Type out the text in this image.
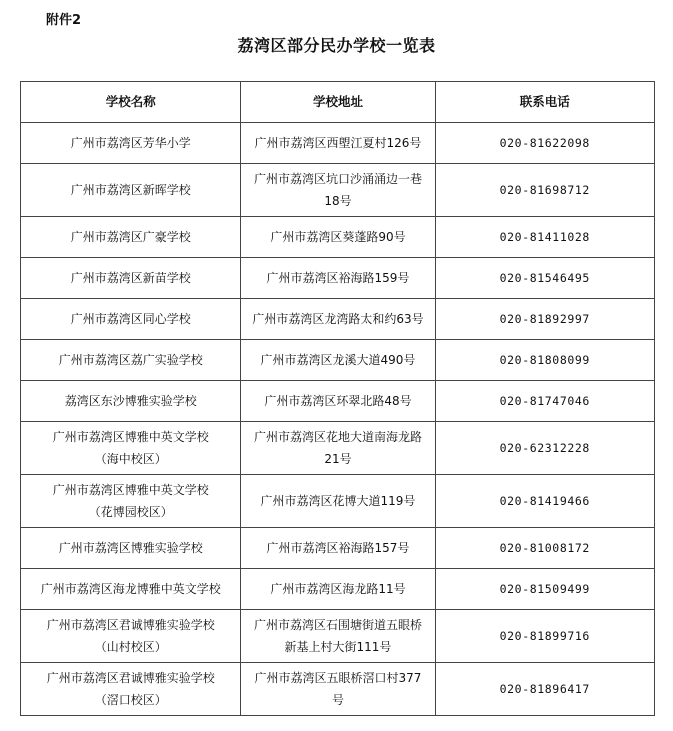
附件2
荔湾区部分民办学校一览表
学校名称	学校地址	联系电话

广州市荔湾区芳华小学	广州市荔湾区西塱江夏村126号	020-81622098

广州市荔湾区新晖学校	广州市荔湾区坑口沙涌涌边一巷
18号	020-81698712

广州市荔湾区广豪学校	广州市荔湾区葵蓬路90号	020-81411028

广州市荔湾区新苗学校	广州市荔湾区裕海路159号	020-81546495

广州市荔湾区同心学校	广州市荔湾区龙湾路太和约63号	020-81892997

广州市荔湾区荔广实验学校	广州市荔湾区龙溪大道490号	020-81808099

荔湾区东沙博雅实验学校	广州市荔湾区环翠北路48号	020-81747046

广州市荔湾区博雅中英文学校
（海中校区）	广州市荔湾区花地大道南海龙路
21号	020-62312228

广州市荔湾区博雅中英文学校
（花博园校区）	广州市荔湾区花博大道119号	020-81419466

广州市荔湾区博雅实验学校	广州市荔湾区裕海路157号	020-81008172

广州市荔湾区海龙博雅中英文学校	广州市荔湾区海龙路11号	020-81509499

广州市荔湾区君诚博雅实验学校
（山村校区）	广州市荔湾区石围塘街道五眼桥
新基上村大街111号	020-81899716

广州市荔湾区君诚博雅实验学校
（滘口校区）	广州市荔湾区五眼桥滘口村377
号	020-81896417
